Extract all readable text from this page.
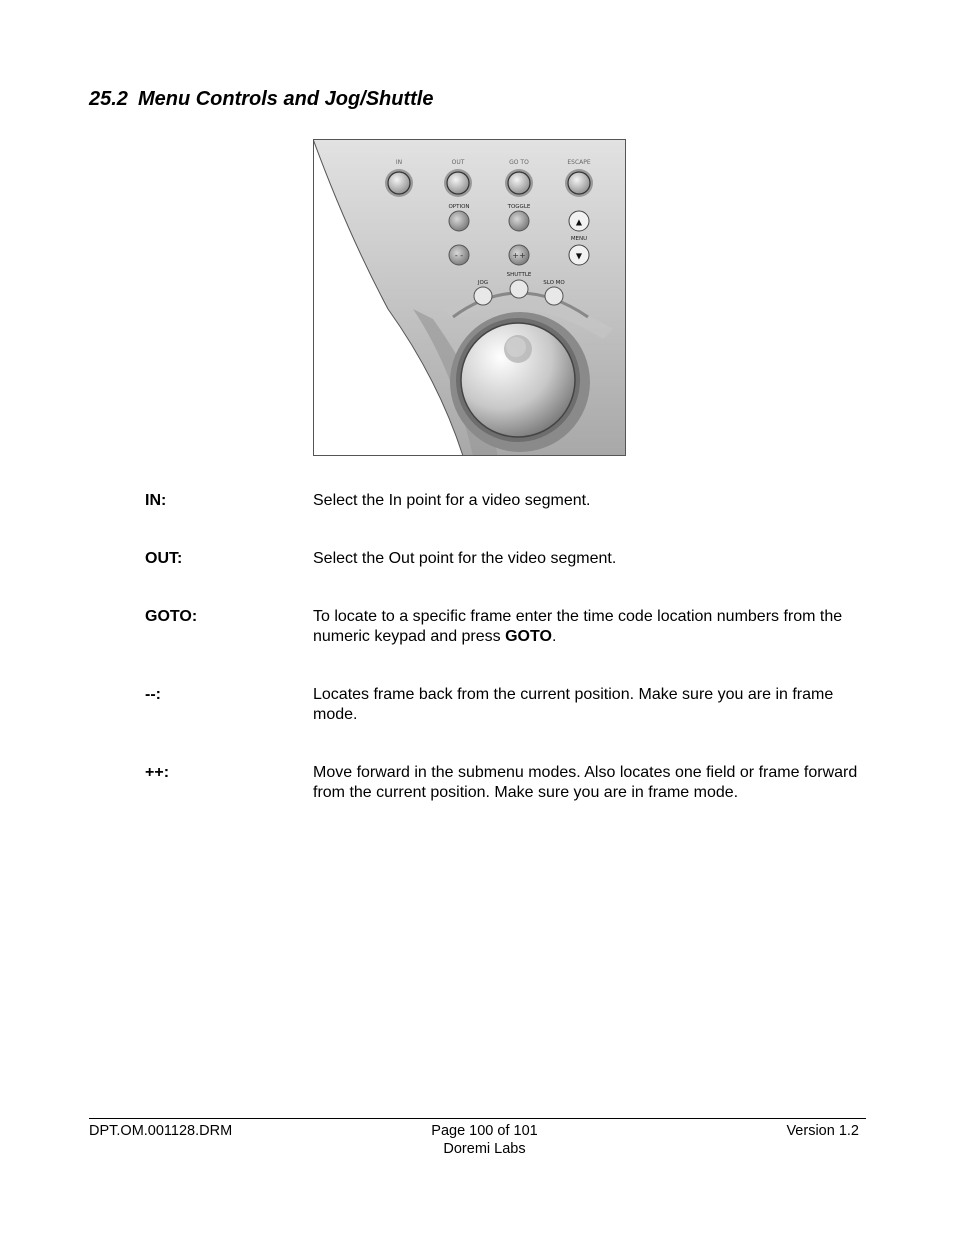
25.2 Menu Controls and Jog/Shuttle
IN	OUT	GO TO	ESCAPE
OPTION	TOGGLE
▲
MENU
▼
- -	++
SHUTTLE
JOG	SLO MO
IN:	Select the In point for a video segment.
OUT:	Select the Out point for the video segment.
GOTO:	To locate to a specific frame enter the time code location numbers from the numeric keypad and press GOTO.
--:	Locates frame back from the current position. Make sure you are in frame mode.
++:	Move forward in the submenu modes. Also locates one field or frame forward from the current position. Make sure you are in frame mode.
DPT.OM.001128.DRM	Page 100 of 101
Doremi Labs
Version 1.2
